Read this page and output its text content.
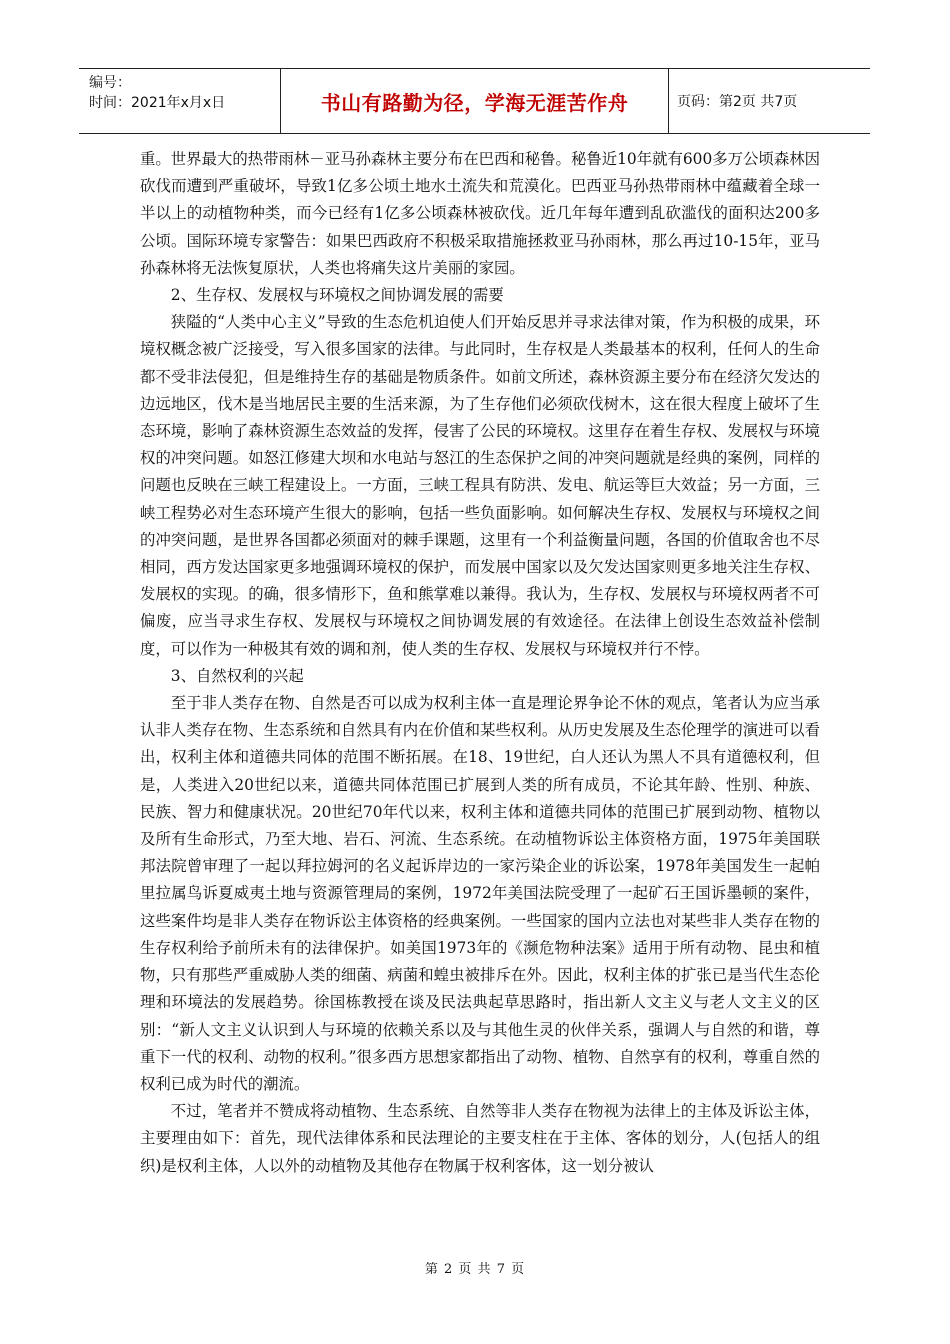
编号：
时间：2021年x月x日	书山有路勤为径，学海无涯苦作舟	页码：第2页 共7页

重。世界最大的热带雨林－亚马孙森林主要分布在巴西和秘鲁。秘鲁近10年就有600多万公顷森林因砍伐而遭到严重破坏，导致1亿多公顷土地水土流失和荒漠化。巴西亚马孙热带雨林中蕴藏着全球一半以上的动植物种类，而今已经有1亿多公顷森林被砍伐。近几年每年遭到乱砍滥伐的面积达200多公顷。国际环境专家警告：如果巴西政府不积极采取措施拯救亚马孙雨林，那么再过10-15年，亚马孙森林将无法恢复原状，人类也将痛失这片美丽的家园。

2、生存权、发展权与环境权之间协调发展的需要

狭隘的“人类中心主义”导致的生态危机迫使人们开始反思并寻求法律对策，作为积极的成果，环境权概念被广泛接受，写入很多国家的法律。与此同时，生存权是人类最基本的权利，任何人的生命都不受非法侵犯，但是维持生存的基础是物质条件。如前文所述，森林资源主要分布在经济欠发达的边远地区，伐木是当地居民主要的生活来源，为了生存他们必须砍伐树木，这在很大程度上破坏了生态环境，影响了森林资源生态效益的发挥，侵害了公民的环境权。这里存在着生存权、发展权与环境权的冲突问题。如怒江修建大坝和水电站与怒江的生态保护之间的冲突问题就是经典的案例，同样的问题也反映在三峡工程建设上。一方面，三峡工程具有防洪、发电、航运等巨大效益；另一方面，三峡工程势必对生态环境产生很大的影响，包括一些负面影响。如何解决生存权、发展权与环境权之间的冲突问题，是世界各国都必须面对的棘手课题，这里有一个利益衡量问题，各国的价值取舍也不尽相同，西方发达国家更多地强调环境权的保护，而发展中国家以及欠发达国家则更多地关注生存权、发展权的实现。的确，很多情形下，鱼和熊掌难以兼得。我认为，生存权、发展权与环境权两者不可偏废，应当寻求生存权、发展权与环境权之间协调发展的有效途径。在法律上创设生态效益补偿制度，可以作为一种极其有效的调和剂，使人类的生存权、发展权与环境权并行不悖。

3、自然权利的兴起

至于非人类存在物、自然是否可以成为权利主体一直是理论界争论不休的观点，笔者认为应当承认非人类存在物、生态系统和自然具有内在价值和某些权利。从历史发展及生态伦理学的演进可以看出，权利主体和道德共同体的范围不断拓展。在18、19世纪，白人还认为黑人不具有道德权利，但是，人类进入20世纪以来，道德共同体范围已扩展到人类的所有成员，不论其年龄、性别、种族、民族、智力和健康状况。20世纪70年代以来，权利主体和道德共同体的范围已扩展到动物、植物以及所有生命形式，乃至大地、岩石、河流、生态系统。在动植物诉讼主体资格方面，1975年美国联邦法院曾审理了一起以拜拉姆河的名义起诉岸边的一家污染企业的诉讼案，1978年美国发生一起帕里拉属鸟诉夏威夷土地与资源管理局的案例，1972年美国法院受理了一起矿石王国诉墨顿的案件，这些案件均是非人类存在物诉讼主体资格的经典案例。一些国家的国内立法也对某些非人类存在物的生存权利给予前所未有的法律保护。如美国1973年的《濒危物种法案》适用于所有动物、昆虫和植物，只有那些严重威胁人类的细菌、病菌和蝗虫被排斥在外。因此，权利主体的扩张已是当代生态伦理和环境法的发展趋势。徐国栋教授在谈及民法典起草思路时，指出新人文主义与老人文主义的区别：“新人文主义认识到人与环境的依赖关系以及与其他生灵的伙伴关系，强调人与自然的和谐，尊重下一代的权利、动物的权利。”很多西方思想家都指出了动物、植物、自然享有的权利，尊重自然的权利已成为时代的潮流。

不过，笔者并不赞成将动植物、生态系统、自然等非人类存在物视为法律上的主体及诉讼主体，主要理由如下：首先，现代法律体系和民法理论的主要支柱在于主体、客体的划分，人(包括人的组织)是权利主体，人以外的动植物及其他存在物属于权利客体，这一划分被认

第 2 页 共 7 页
